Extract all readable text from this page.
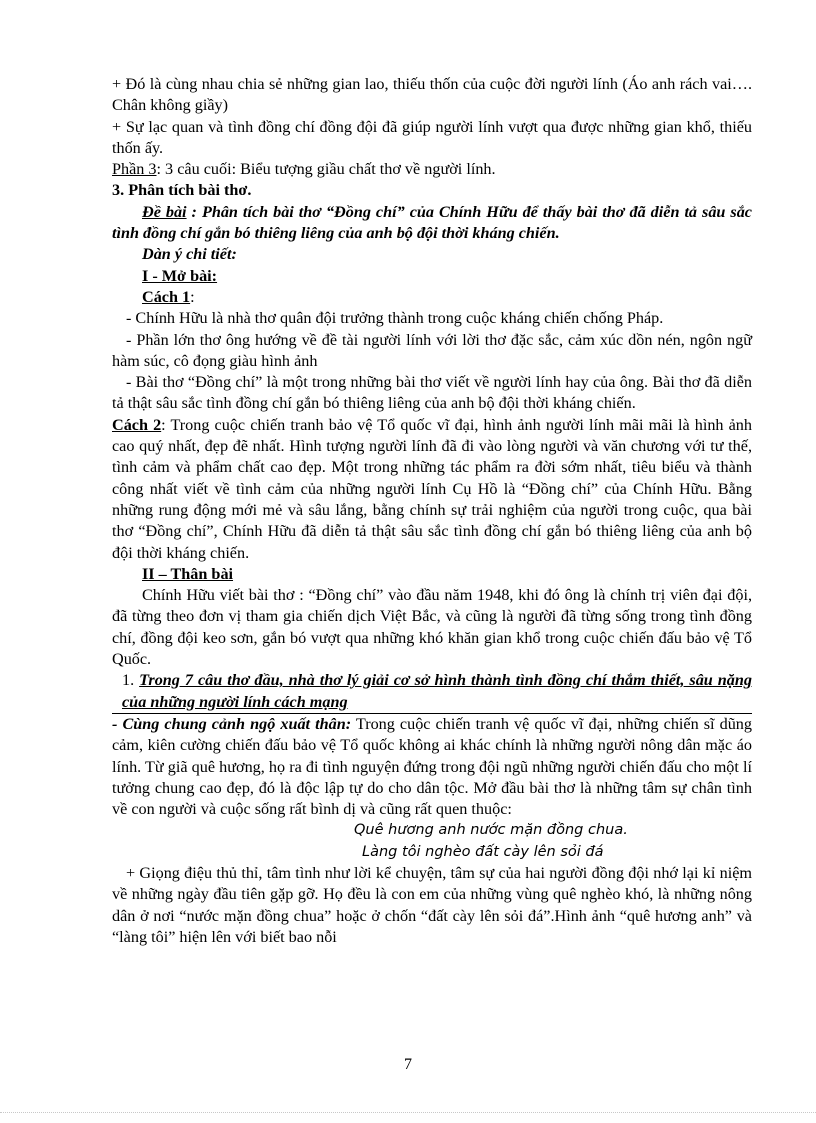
+ Đó là cùng nhau chia sẻ những gian lao, thiếu thốn của cuộc đời người lính (Áo anh rách vai…. Chân không giầy)

+ Sự lạc quan và tình đồng chí đồng đội đã giúp người lính vượt qua được những gian khổ, thiếu thốn ấy.

Phần 3: 3 câu cuối: Biểu tượng giầu chất thơ về người lính.

3. Phân tích bài thơ.

Đề bài : Phân tích bài thơ “Đồng chí” của Chính Hữu để thấy bài thơ đã diễn tả sâu sắc tình đồng chí gắn bó thiêng liêng của anh bộ đội thời kháng chiến.

Dàn ý chi tiết:

I - Mở bài:

Cách 1:

- Chính Hữu là nhà thơ quân đội trưởng thành trong cuộc kháng chiến chống Pháp.

- Phần lớn thơ ông hướng về đề tài người lính với lời thơ đặc sắc, cảm xúc dồn nén, ngôn ngữ hàm súc, cô đọng giàu hình ảnh

- Bài thơ “Đồng chí” là một trong những bài thơ viết về người lính hay của ông. Bài thơ đã diễn tả thật sâu sắc tình đồng chí gắn bó thiêng liêng của anh bộ đội thời kháng chiến.

Cách 2: Trong cuộc chiến tranh bảo vệ Tổ quốc vĩ đại, hình ảnh người lính mãi mãi là hình ảnh cao quý nhất, đẹp đẽ nhất. Hình tượng người lính đã đi vào lòng người và văn chương với tư thế, tình cảm và phẩm chất cao đẹp. Một trong những tác phẩm ra đời sớm nhất, tiêu biểu và thành công nhất viết về tình cảm của những người lính Cụ Hồ là “Đồng chí” của Chính Hữu. Bằng những rung động mới mẻ và sâu lắng, bằng chính sự trải nghiệm của người trong cuộc, qua bài thơ “Đồng chí”, Chính Hữu đã diễn tả thật sâu sắc tình đồng chí gắn bó thiêng liêng của anh bộ đội thời kháng chiến.

II – Thân bài

Chính Hữu viết bài thơ : “Đồng chí” vào đầu năm 1948, khi đó ông là chính trị viên đại đội, đã từng theo đơn vị tham gia chiến dịch Việt Bắc, và cũng là người đã từng sống trong tình đồng chí, đồng đội keo sơn, gắn bó vượt qua những khó khăn gian khổ trong cuộc chiến đấu bảo vệ Tổ Quốc.

1. Trong 7 câu thơ đầu, nhà thơ lý giải cơ sở hình thành tình đồng chí thắm thiết, sâu nặng của những người lính cách mạng

- Cùng chung cảnh ngộ xuất thân: Trong cuộc chiến tranh vệ quốc vĩ đại, những chiến sĩ dũng cảm, kiên cường chiến đấu bảo vệ Tổ quốc không ai khác chính là những người nông dân mặc áo lính. Từ giã quê hương, họ ra đi tình nguyện đứng trong đội ngũ những người chiến đấu cho một lí tưởng chung cao đẹp, đó là độc lập tự do cho dân tộc. Mở đầu bài thơ là những tâm sự chân tình về con người và cuộc sống rất bình dị và cũng rất quen thuộc:

Quê hương anh nước mặn đồng chua.

Làng tôi nghèo đất cày lên sỏi đá

+ Giọng điệu thủ thỉ, tâm tình như lời kể chuyện, tâm sự của hai người đồng đội nhớ lại kỉ niệm về những ngày đầu tiên gặp gỡ. Họ đều là con em của những vùng quê nghèo khó, là những nông dân ở nơi “nước mặn đồng chua” hoặc ở chốn “đất cày lên sỏi đá”.Hình ảnh “quê hương anh” và “làng tôi” hiện lên với biết bao nỗi

7
